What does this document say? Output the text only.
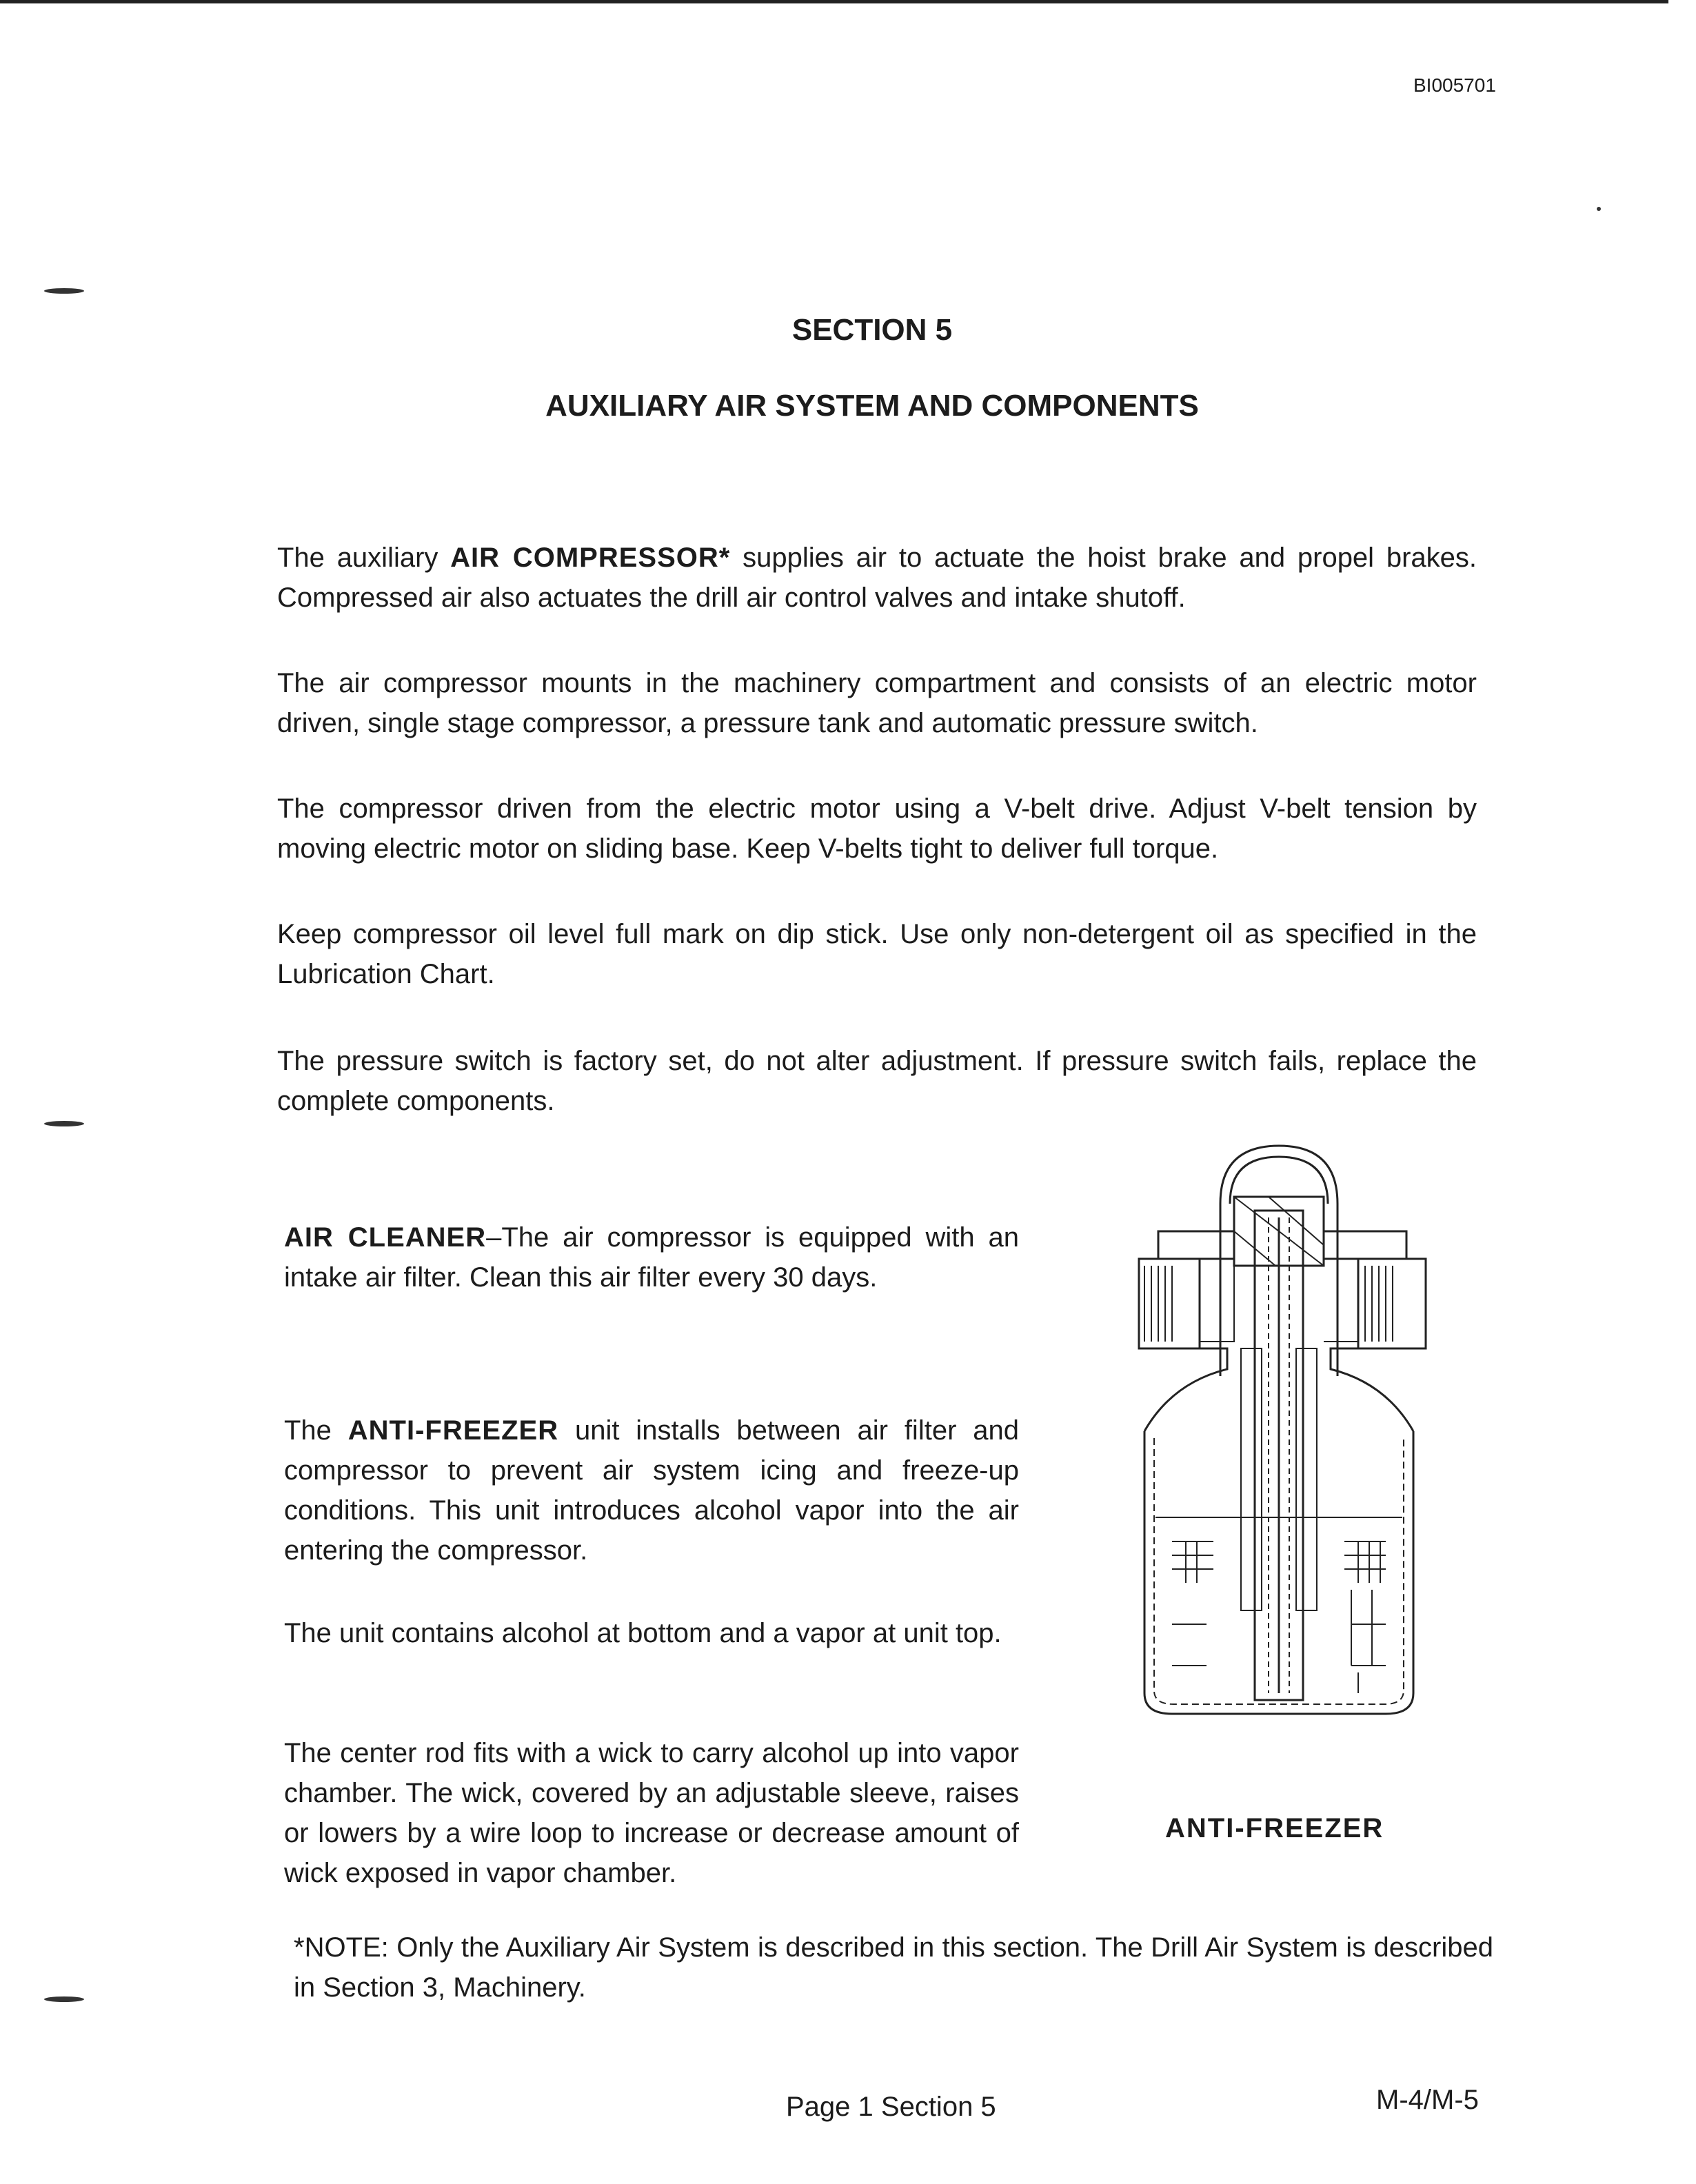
BI005701
SECTION 5
AUXILIARY AIR SYSTEM AND COMPONENTS

The auxiliary AIR COMPRESSOR* supplies air to actuate the hoist brake and propel brakes. Compressed air also actuates the drill air control valves and intake shutoff.

The air compressor mounts in the machinery compartment and consists of an electric motor driven, single stage compressor, a pressure tank and automatic pressure switch.

The compressor driven from the electric motor using a V-belt drive. Adjust V-belt tension by moving electric motor on sliding base. Keep V-belts tight to deliver full torque.

Keep compressor oil level full mark on dip stick. Use only non-detergent oil as specified in the Lubrication Chart.

The pressure switch is factory set, do not alter adjustment. If pressure switch fails, replace the complete components.

AIR CLEANER–The air compressor is equipped with an intake air filter. Clean this air filter every 30 days.

The ANTI-FREEZER unit installs between air filter and compressor to prevent air system icing and freeze-up conditions. This unit introduces alcohol vapor into the air entering the compressor.

The unit contains alcohol at bottom and a vapor at unit top.

The center rod fits with a wick to carry alcohol up into vapor chamber. The wick, covered by an adjustable sleeve, raises or lowers by a wire loop to increase or decrease amount of wick exposed in vapor chamber.

ANTI-FREEZER

*NOTE: Only the Auxiliary Air System is described in this section. The Drill Air System is described in Section 3, Machinery.

Page 1 Section 5	M-4/M-5
